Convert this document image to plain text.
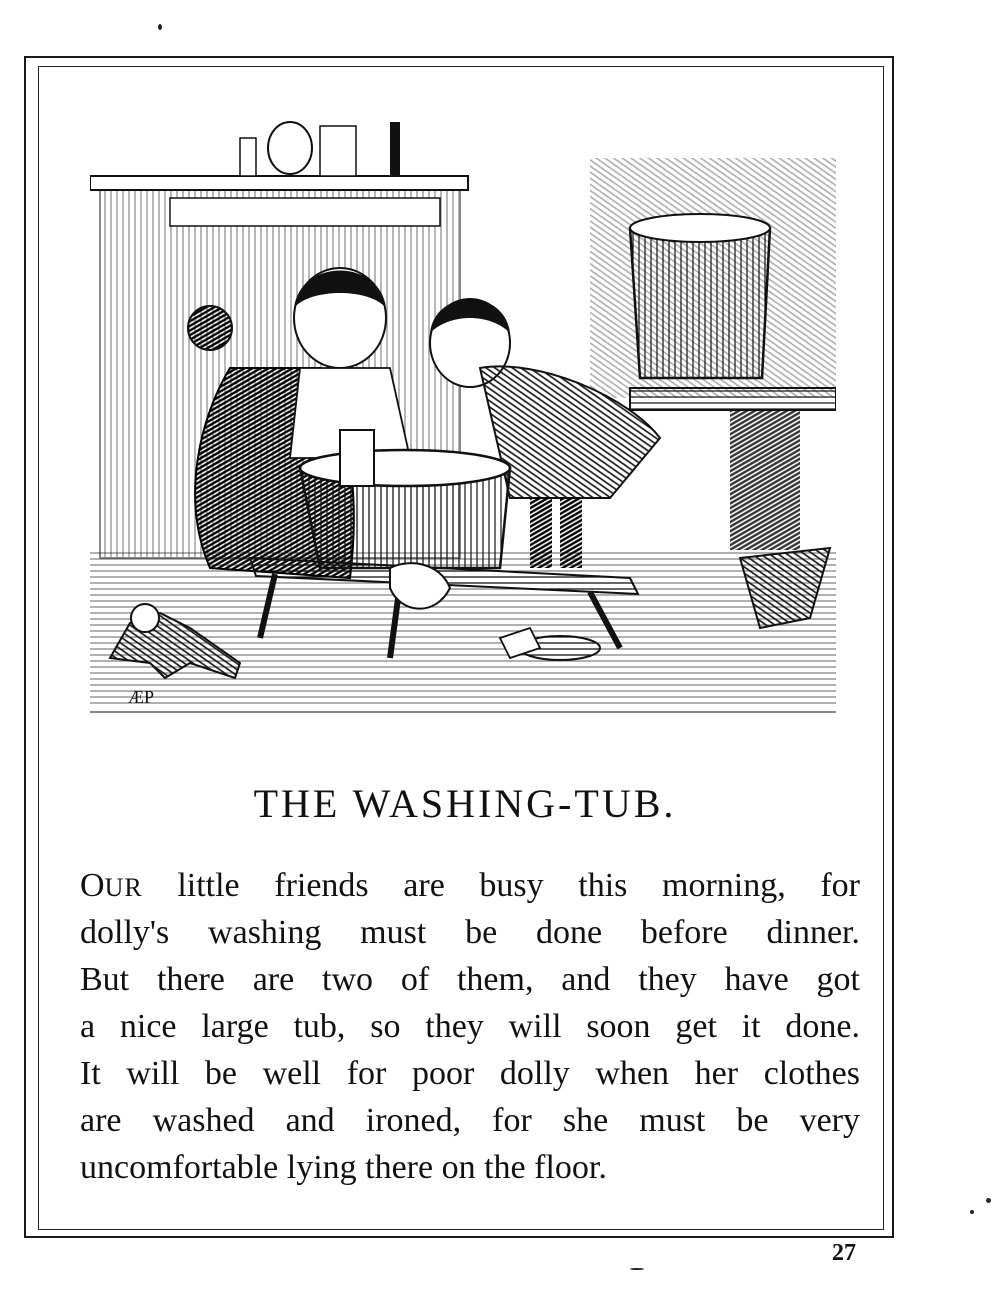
ÆP
THE WASHING-TUB.
OUR little friends are busy this morning, for
dolly's washing must be done before dinner.
But there are two of them, and they have got
a nice large tub, so they will soon get it done.
It will be well for poor dolly when her clothes
are washed and ironed, for she must be very
uncomfortable lying there on the floor.
27
